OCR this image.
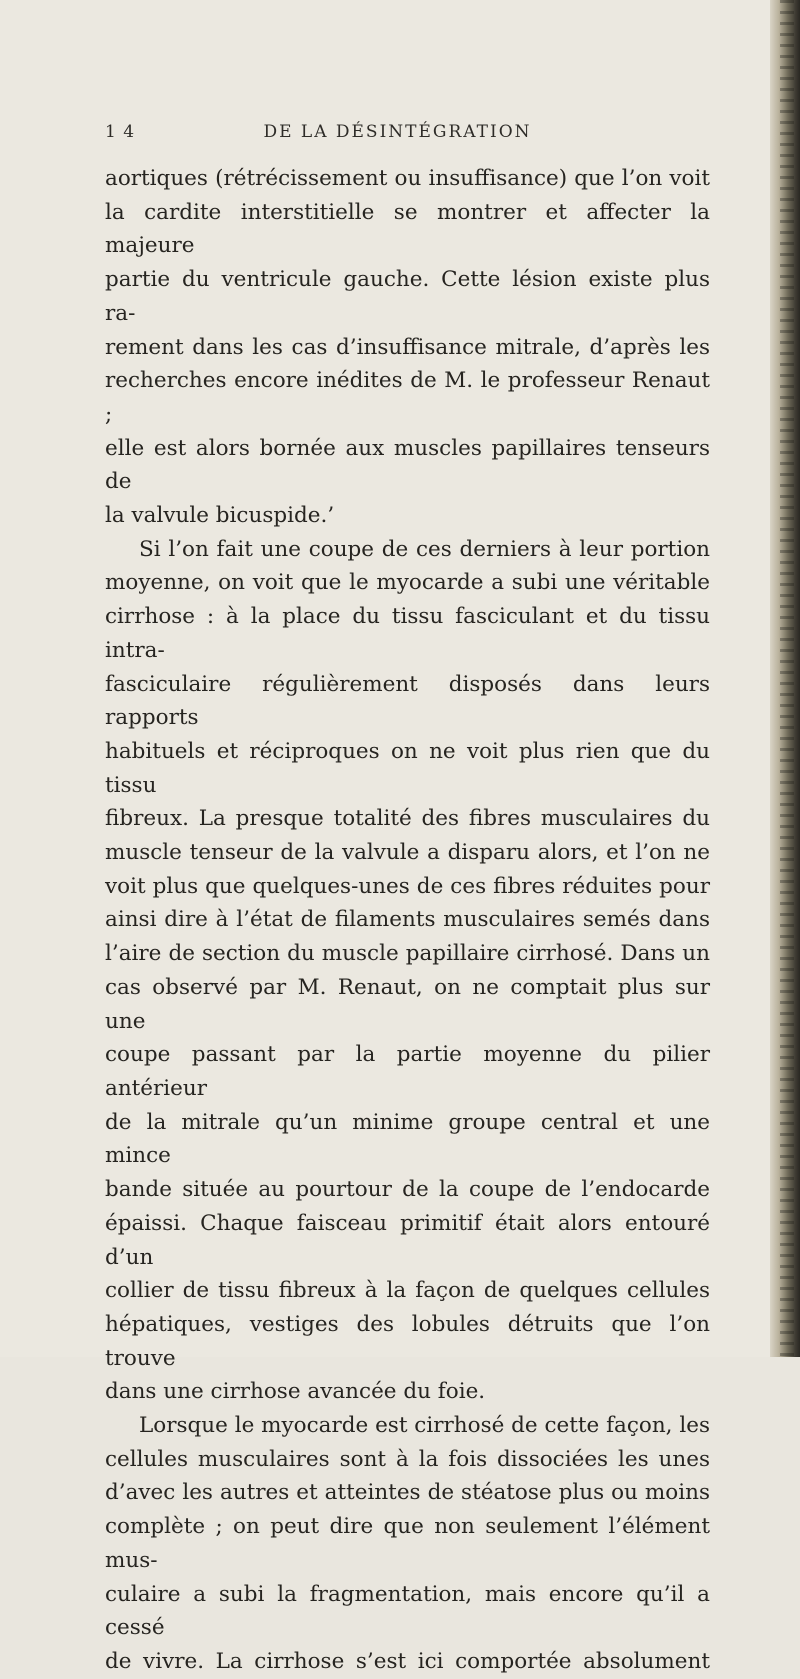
1 4	DE LA DÉSINTÉGRATION

aortiques (rétrécissement ou insuffisance) que l’on voit

la cardite interstitielle se montrer et affecter la majeure

partie du ventricule gauche. Cette lésion existe plus ra-

rement dans les cas d’insuffisance mitrale, d’après les

recherches encore inédites de M. le professeur Renaut ;

elle est alors bornée aux muscles papillaires tenseurs de

la valvule bicuspide.’

Si l’on fait une coupe de ces derniers à leur portion

moyenne, on voit que le myocarde a subi une véritable

cirrhose : à la place du tissu fasciculant et du tissu intra-

fasciculaire régulièrement disposés dans leurs rapports

habituels et réciproques on ne voit plus rien que du tissu

fibreux. La presque totalité des fibres musculaires du

muscle tenseur de la valvule a disparu alors, et l’on ne

voit plus que quelques-unes de ces fibres réduites pour

ainsi dire à l’état de filaments musculaires semés dans

l’aire de section du muscle papillaire cirrhosé. Dans un

cas observé par M. Renaut, on ne comptait plus sur une

coupe passant par la partie moyenne du pilier antérieur

de la mitrale qu’un minime groupe central et une mince

bande située au pourtour de la coupe de l’endocarde

épaissi. Chaque faisceau primitif était alors entouré d’un

collier de tissu fibreux à la façon de quelques cellules

hépatiques, vestiges des lobules détruits que l’on trouve

dans une cirrhose avancée du foie.

Lorsque le myocarde est cirrhosé de cette façon, les

cellules musculaires sont à la fois dissociées les unes

d’avec les autres et atteintes de stéatose plus ou moins

complète ; on peut dire que non seulement l’élément mus-

culaire a subi la fragmentation, mais encore qu’il a cessé

de vivre. La cirrhose s’est ici comportée absolument
